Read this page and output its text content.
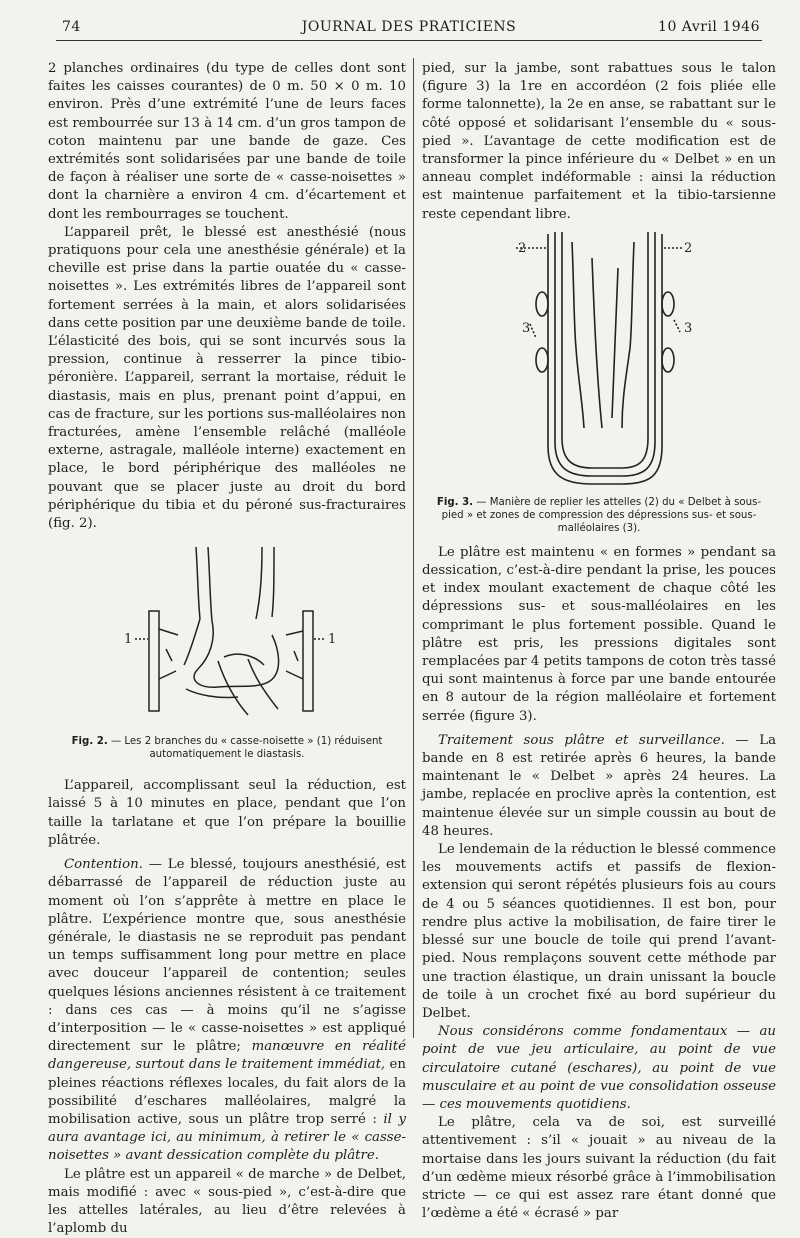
74	JOURNAL DES PRATICIENS	10 Avril 1946

2 planches ordinaires (du type de celles dont sont faites les caisses courantes) de 0 m. 50 × 0 m. 10 environ. Près d’une extrémité l’une de leurs faces est rembourrée sur 13 à 14 cm. d’un gros tampon de coton maintenu par une bande de gaze. Ces extrémités sont solidarisées par une bande de toile de façon à réaliser une sorte de « casse-noisettes » dont la charnière a environ 4 cm. d’écartement et dont les rembourrages se touchent.

L’appareil prêt, le blessé est anesthésié (nous pratiquons pour cela une anesthésie générale) et la cheville est prise dans la partie ouatée du « casse-noisettes ». Les extrémités libres de l’appareil sont fortement serrées à la main, et alors solidarisées dans cette position par une deuxième bande de toile. L’élasticité des bois, qui se sont incurvés sous la pression, continue à resserrer la pince tibio-péronière. L’appareil, serrant la mortaise, réduit le diastasis, mais en plus, prenant point d’appui, en cas de fracture, sur les portions sus-malléolaires non fracturées, amène l’ensemble relâché (malléole externe, astragale, malléole interne) exactement en place, le bord périphérique des malléoles ne pouvant que se placer juste au droit du bord périphérique du tibia et du péroné sus-fracturaires (fig. 2).

1	1
Fig. 2. — Les 2 branches du « casse-noisette » (1) réduisent automatiquement le diastasis.

L’appareil, accomplissant seul la réduction, est laissé 5 à 10 minutes en place, pendant que l’on taille la tarlatane et que l’on prépare la bouillie plâtrée.

Contention. — Le blessé, toujours anesthésié, est débarrassé de l’appareil de réduction juste au moment où l’on s’apprête à mettre en place le plâtre. L’expérience montre que, sous anesthésie générale, le diastasis ne se reproduit pas pendant un temps suffisamment long pour mettre en place avec douceur l’appareil de contention; seules quelques lésions anciennes résistent à ce traitement : dans ces cas — à moins qu’il ne s’agisse d’interposition — le « casse-noisettes » est appliqué directement sur le plâtre; manœuvre en réalité dangereuse, surtout dans le traitement immédiat, en pleines réactions réflexes locales, du fait alors de la possibilité d’eschares malléolaires, malgré la mobilisation active, sous un plâtre trop serré : il y aura avantage ici, au minimum, à retirer le « casse-noisettes » avant dessication complète du plâtre.

Le plâtre est un appareil « de marche » de Delbet, mais modifié : avec « sous-pied », c’est-à-dire que les attelles latérales, au lieu d’être relevées à l’aplomb du

pied, sur la jambe, sont rabattues sous le talon (figure 3) la 1re en accordéon (2 fois pliée elle forme talonnette), la 2e en anse, se rabattant sur le côté opposé et solidarisant l’ensemble du « sous-pied ». L’avantage de cette modification est de transformer la pince inférieure du « Delbet » en un anneau complet indéformable : ainsi la réduction est maintenue parfaitement et la tibio-tarsienne reste cependant libre.

2	2
3	3
Fig. 3. — Manière de replier les attelles (2) du « Delbet à sous-pied » et zones de compression des dépressions sus- et sous-malléolaires (3).

Le plâtre est maintenu « en formes » pendant sa dessication, c’est-à-dire pendant la prise, les pouces et index moulant exactement de chaque côté les dépressions sus- et sous-malléolaires en les comprimant le plus fortement possible. Quand le plâtre est pris, les pressions digitales sont remplacées par 4 petits tampons de coton très tassé qui sont maintenus à force par une bande entourée en 8 autour de la région malléolaire et fortement serrée (figure 3).

Traitement sous plâtre et surveillance. — La bande en 8 est retirée après 6 heures, la bande maintenant le « Delbet » après 24 heures. La jambe, replacée en proclive après la contention, est maintenue élevée sur un simple coussin au bout de 48 heures.

Le lendemain de la réduction le blessé commence les mouvements actifs et passifs de flexion-extension qui seront répétés plusieurs fois au cours de 4 ou 5 séances quotidiennes. Il est bon, pour rendre plus active la mobilisation, de faire tirer le blessé sur une boucle de toile qui prend l’avant-pied. Nous remplaçons souvent cette méthode par une traction élastique, un drain unissant la boucle de toile à un crochet fixé au bord supérieur du Delbet.

Nous considérons comme fondamentaux — au point de vue jeu articulaire, au point de vue circulatoire cutané (eschares), au point de vue musculaire et au point de vue consolidation osseuse — ces mouvements quotidiens.

Le plâtre, cela va de soi, est surveillé attentivement : s’il « jouait » au niveau de la mortaise dans les jours suivant la réduction (du fait d’un œdème mieux résorbé grâce à l’immobilisation stricte — ce qui est assez rare étant donné que l’œdème a été « écrasé » par
